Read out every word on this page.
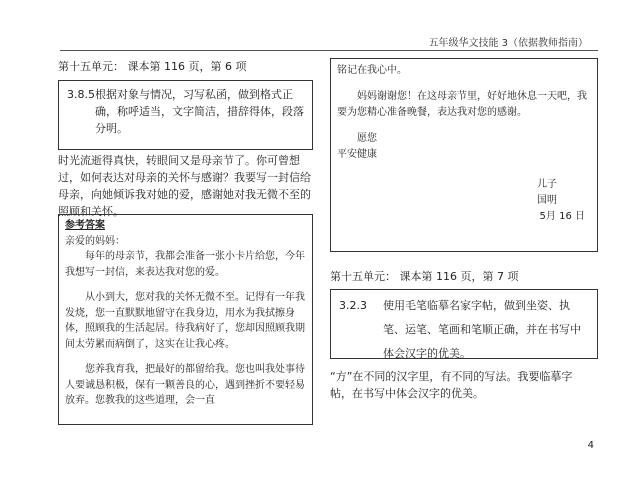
五年级华文技能 3（依据教师指南）
第十五单元： 课本第 116 页，第 6 项
3.8.5 根据对象与情况，习写私函，做到格式正确，称呼适当，文字简洁，措辞得体，段落分明。
时光流逝得真快，转眼间又是母亲节了。你可曾想过，如何表达对母亲的关怀与感谢？我要写一封信给母亲，向她倾诉我对她的爱，感谢她对我无微不至的照顾和关怀。

参考答案

亲爱的妈妈：

每年的母亲节，我都会准备一张小卡片给您，今年我想写一封信，来表达我对您的爱。

从小到大，您对我的关怀无微不至。记得有一年我发烧，您一直默默地留守在我身边，用水为我拭擦身体，照顾我的生活起居。待我病好了，您却因照顾我期间太劳累而病倒了，这实在让我心疼。

您养我育我，把最好的都留给我。您也叫我处事待人要诚恳积极，保有一颗善良的心，遇到挫折不要轻易放弃。您教我的这些道理，会一直

铭记在我心中。

妈妈谢谢您！在这母亲节里，好好地休息一天吧，我要为您精心准备晚餐，表达我对您的感谢。

愿您

平安健康

儿子

国明

5月 16 日

第十五单元： 课本第 116 页，第 7 项
3.2.3	使用毛笔临摹名家字帖，做到坐姿、执笔、运笔、笔画和笔顺正确，并在书写中体会汉字的优美。
“方”在不同的汉字里，有不同的写法。我要临摹字帖，在书写中体会汉字的优美。
4
